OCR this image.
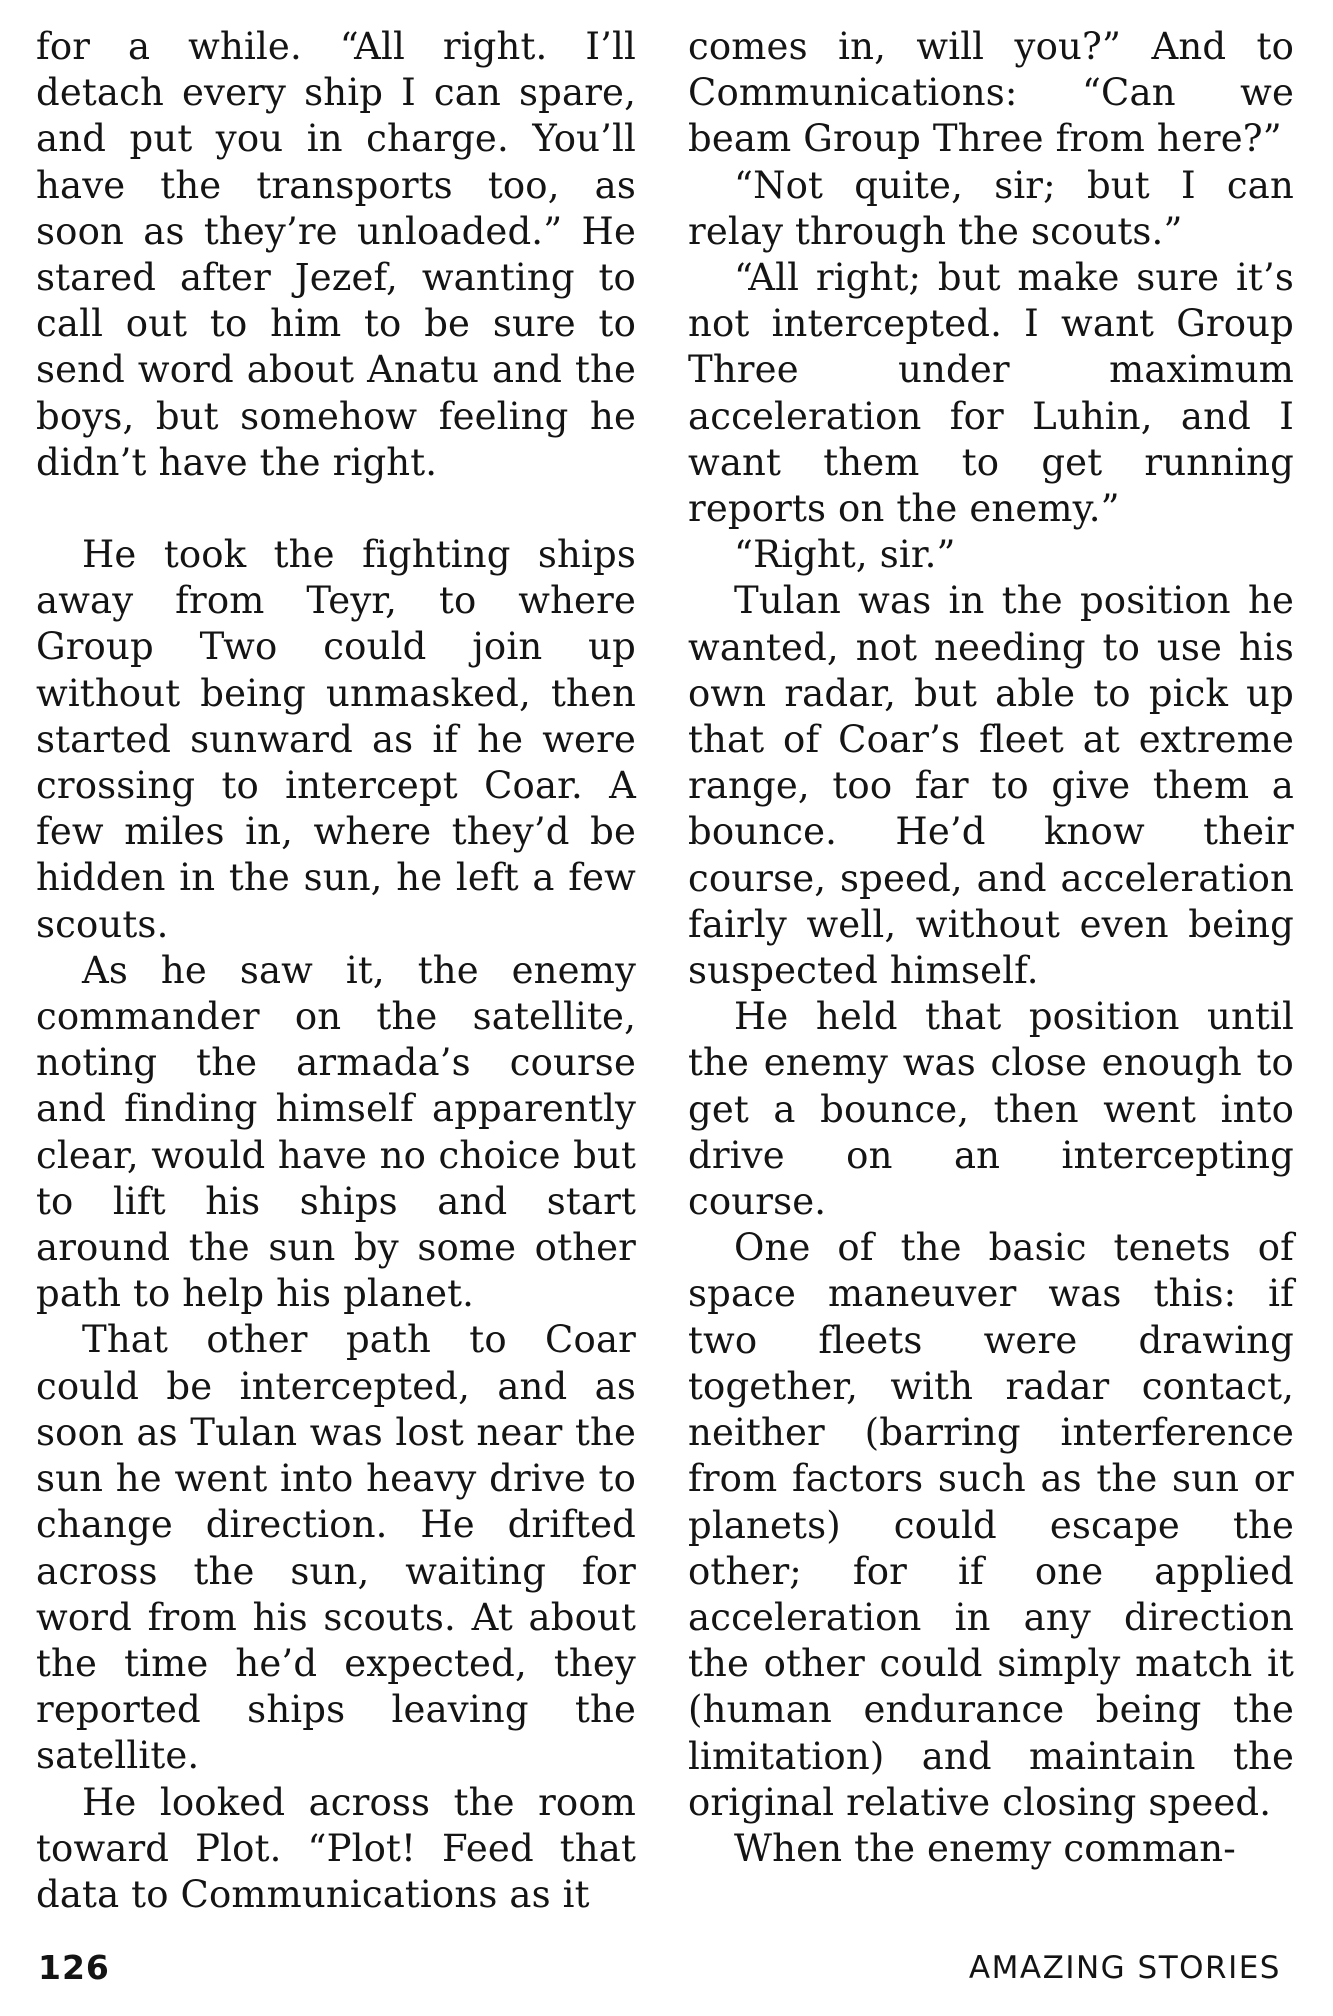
for a while. “All right. I’ll detach every ship I can spare, and put you in charge. You’ll have the transports too, as soon as they’re unloaded.” He stared after Jezef, wanting to call out to him to be sure to send word about Anatu and the boys, but somehow feeling he didn’t have the right.

He took the fighting ships away from Teyr, to where Group Two could join up without being unmasked, then started sunward as if he were crossing to intercept Coar. A few miles in, where they’d be hidden in the sun, he left a few scouts.

As he saw it, the enemy commander on the satellite, noting the armada’s course and finding himself apparently clear, would have no choice but to lift his ships and start around the sun by some other path to help his planet.

That other path to Coar could be intercepted, and as soon as Tulan was lost near the sun he went into heavy drive to change direction. He drifted across the sun, waiting for word from his scouts. At about the time he’d expected, they reported ships leaving the satellite.

He looked across the room toward Plot. “Plot! Feed that data to Communications as it

comes in, will you?” And to Communications: “Can we beam Group Three from here?”

“Not quite, sir; but I can relay through the scouts.”

“All right; but make sure it’s not intercepted. I want Group Three under maximum acceleration for Luhin, and I want them to get running reports on the enemy.”

“Right, sir.”

Tulan was in the position he wanted, not needing to use his own radar, but able to pick up that of Coar’s fleet at extreme range, too far to give them a bounce. He’d know their course, speed, and acceleration fairly well, without even being suspected himself.

He held that position until the enemy was close enough to get a bounce, then went into drive on an intercepting course.

One of the basic tenets of space maneuver was this: if two fleets were drawing together, with radar contact, neither (barring interference from factors such as the sun or planets) could escape the other; for if one applied acceleration in any direction the other could simply match it (human endurance being the limitation) and maintain the original relative closing speed.

When the enemy comman-

126	AMAZING STORIES
